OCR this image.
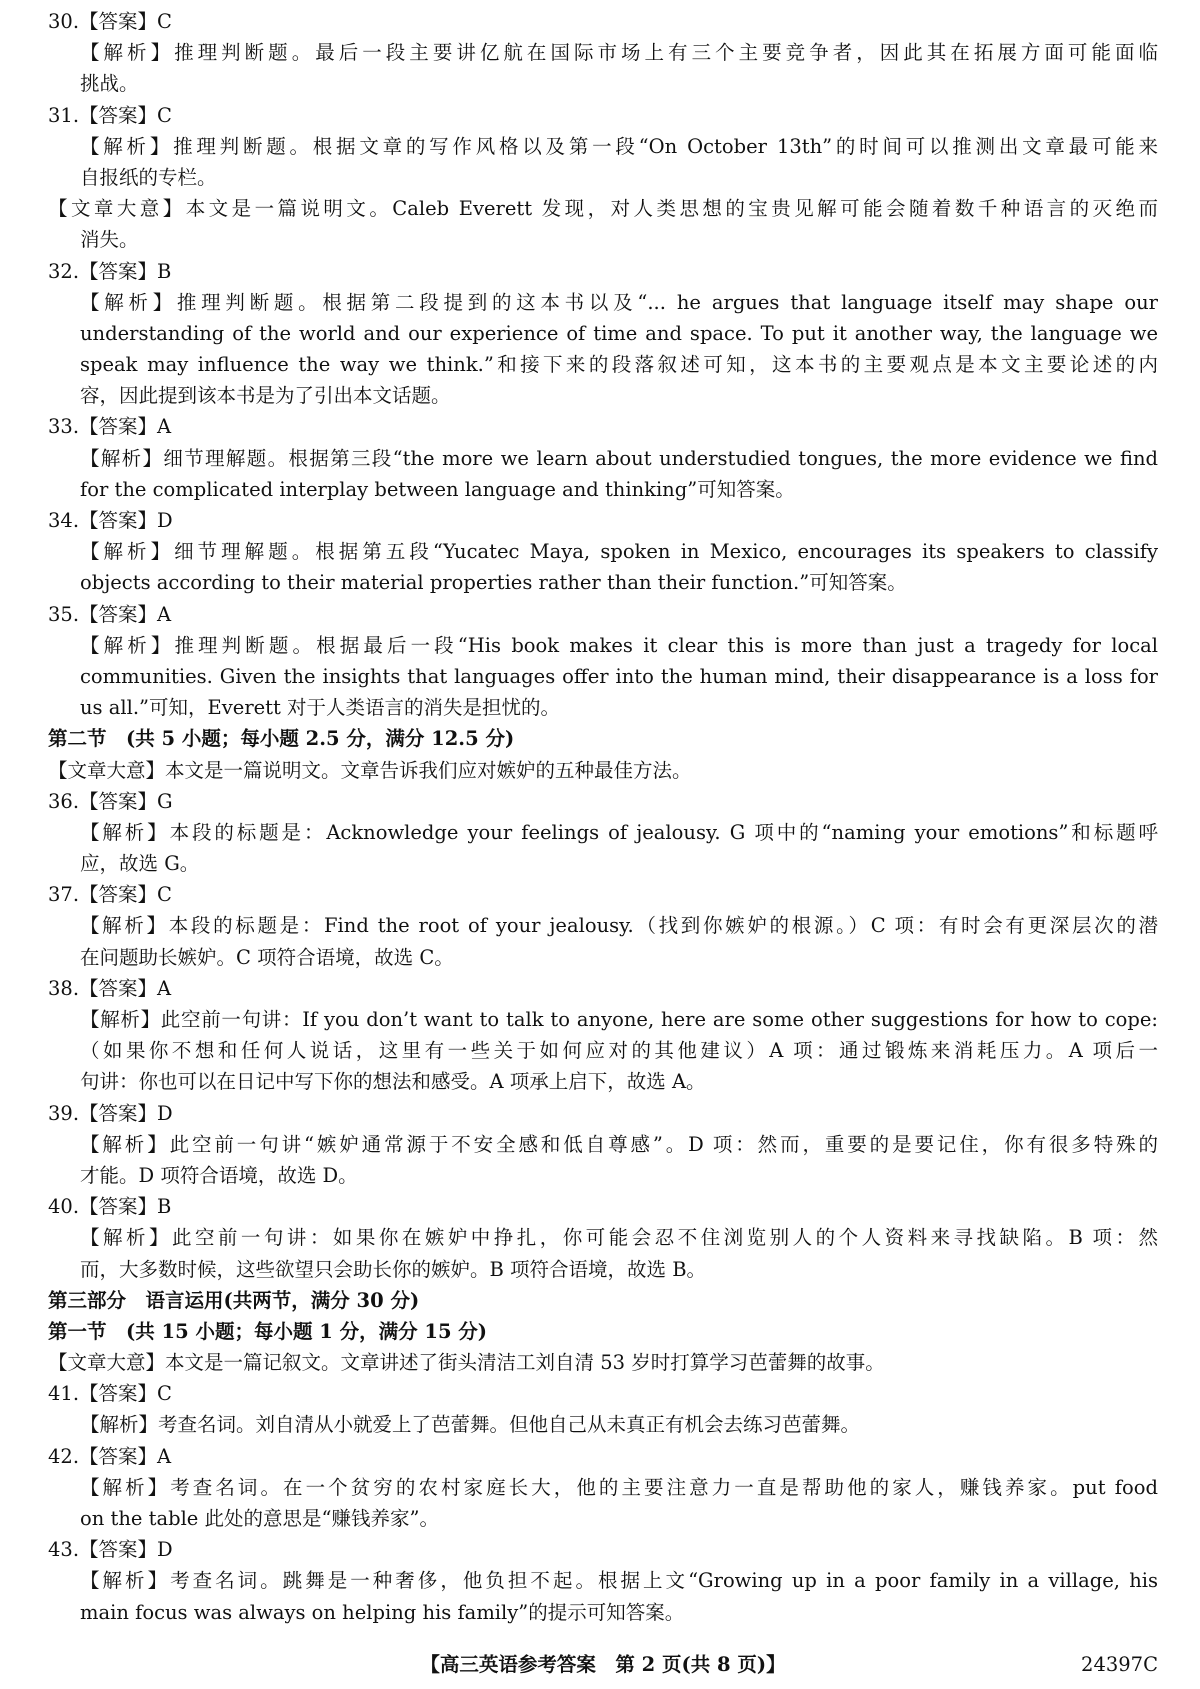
30.【答案】C
【解析】推理判断题。最后一段主要讲亿航在国际市场上有三个主要竞争者，因此其在拓展方面可能面临
挑战。
31.【答案】C
【解析】推理判断题。根据文章的写作风格以及第一段“On October 13th”的时间可以推测出文章最可能来
自报纸的专栏。
【文章大意】本文是一篇说明文。Caleb Everett 发现，对人类思想的宝贵见解可能会随着数千种语言的灭绝而
消失。
32.【答案】B
【解析】推理判断题。根据第二段提到的这本书以及“... he argues that language itself may shape our
understanding of the world and our experience of time and space. To put it another way, the language we
speak may influence the way we think.”和接下来的段落叙述可知，这本书的主要观点是本文主要论述的内
容，因此提到该本书是为了引出本文话题。
33.【答案】A
【解析】细节理解题。根据第三段“the more we learn about understudied tongues, the more evidence we find
for the complicated interplay between language and thinking”可知答案。
34.【答案】D
【解析】细节理解题。根据第五段“Yucatec Maya, spoken in Mexico, encourages its speakers to classify
objects according to their material properties rather than their function.”可知答案。
35.【答案】A
【解析】推理判断题。根据最后一段“His book makes it clear this is more than just a tragedy for local
communities. Given the insights that languages offer into the human mind, their disappearance is a loss for
us all.”可知，Everett 对于人类语言的消失是担忧的。
第二节　(共 5 小题；每小题 2.5 分，满分 12.5 分)
【文章大意】本文是一篇说明文。文章告诉我们应对嫉妒的五种最佳方法。
36.【答案】G
【解析】本段的标题是：Acknowledge your feelings of jealousy. G 项中的“naming your emotions”和标题呼
应，故选 G。
37.【答案】C
【解析】本段的标题是：Find the root of your jealousy.（找到你嫉妒的根源。）C 项：有时会有更深层次的潜
在问题助长嫉妒。C 项符合语境，故选 C。
38.【答案】A
【解析】此空前一句讲：If you don’t want to talk to anyone, here are some other suggestions for how to cope:
（如果你不想和任何人说话，这里有一些关于如何应对的其他建议）A 项：通过锻炼来消耗压力。A 项后一
句讲：你也可以在日记中写下你的想法和感受。A 项承上启下，故选 A。
39.【答案】D
【解析】此空前一句讲“嫉妒通常源于不安全感和低自尊感”。D 项：然而，重要的是要记住，你有很多特殊的
才能。D 项符合语境，故选 D。
40.【答案】B
【解析】此空前一句讲：如果你在嫉妒中挣扎，你可能会忍不住浏览别人的个人资料来寻找缺陷。B 项：然
而，大多数时候，这些欲望只会助长你的嫉妒。B 项符合语境，故选 B。
第三部分　语言运用(共两节，满分 30 分)
第一节　(共 15 小题；每小题 1 分，满分 15 分)
【文章大意】本文是一篇记叙文。文章讲述了街头清洁工刘自清 53 岁时打算学习芭蕾舞的故事。
41.【答案】C
【解析】考查名词。刘自清从小就爱上了芭蕾舞。但他自己从未真正有机会去练习芭蕾舞。
42.【答案】A
【解析】考查名词。在一个贫穷的农村家庭长大，他的主要注意力一直是帮助他的家人，赚钱养家。put food
on the table 此处的意思是“赚钱养家”。
43.【答案】D
【解析】考查名词。跳舞是一种奢侈，他负担不起。根据上文“Growing up in a poor family in a village, his
main focus was always on helping his family”的提示可知答案。
【高三英语参考答案　第 2 页(共 8 页)】	24397C
